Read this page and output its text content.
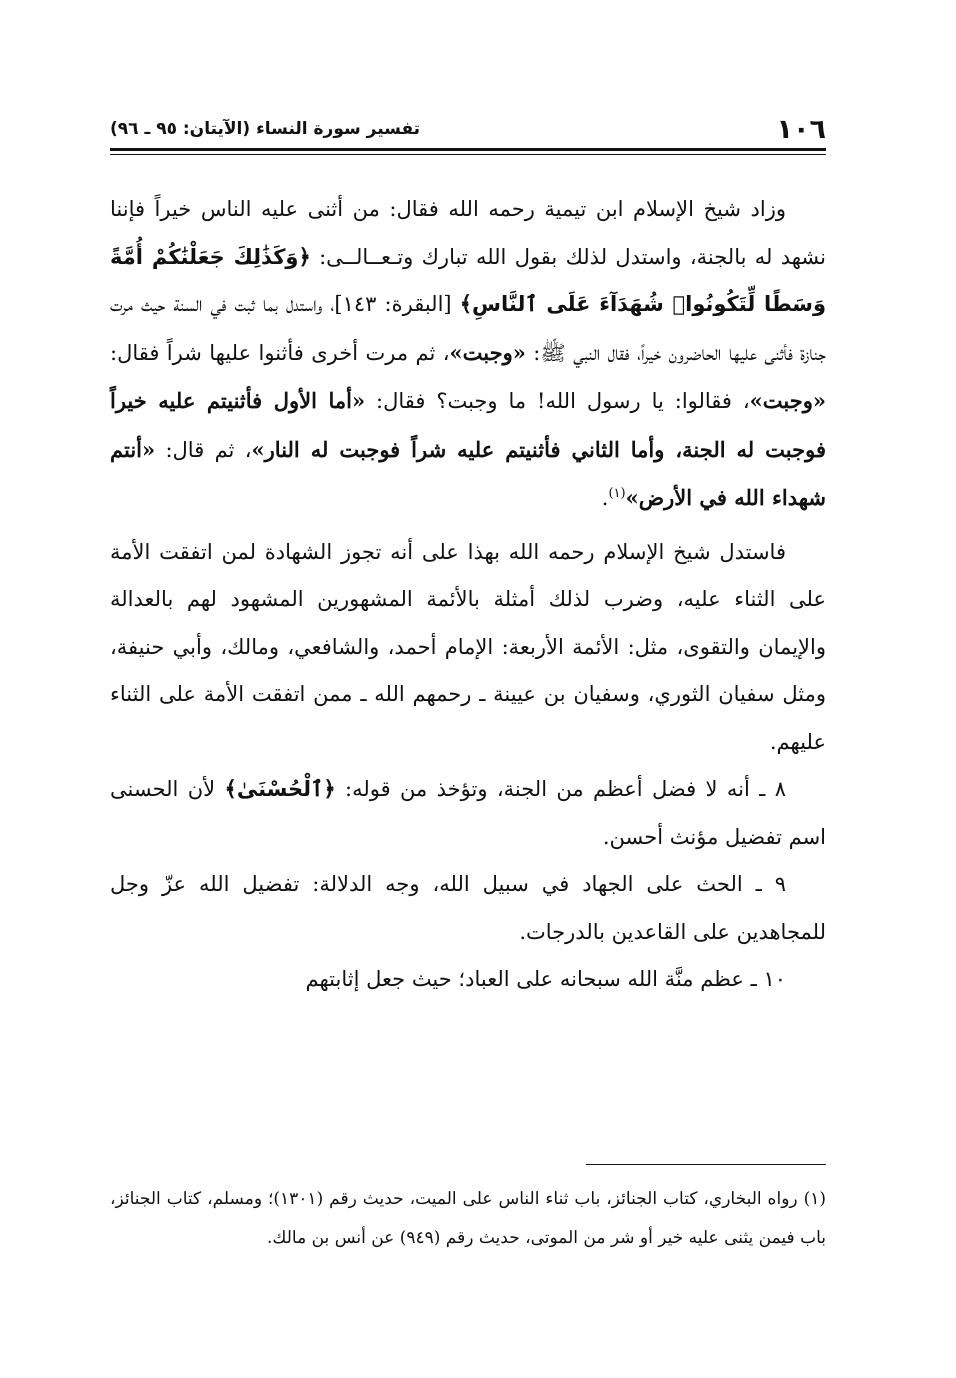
١٠٦
تفسير سورة النساء (الآيتان: ٩٥ ـ ٩٦)

وزاد شيخ الإسلام ابن تيمية رحمه الله فقال: من أثنى عليه الناس خيراً فإننا نشهد له بالجنة، واستدل لذلك بقول الله تبارك وتـعــالــى: ﴿وَكَذَٰلِكَ جَعَلْنَٰكُمْ أُمَّةً وَسَطًا لِّتَكُونُوا۟ شُهَدَآءَ عَلَى ٱلنَّاسِ﴾ [البقرة: ١٤٣]، واستدل بما ثبت في السنة حيث مرت جنازة فأثنى عليها الحاضرون خيراً، فقال النبي ﷺ: «وجبت»، ثم مرت أخرى فأثنوا عليها شراً فقال: «وجبت»، فقالوا: يا رسول الله! ما وجبت؟ فقال: «أما الأول فأثنيتم عليه خيراً فوجبت له الجنة، وأما الثاني فأثنيتم عليه شراً فوجبت له النار»، ثم قال: «أنتم شهداء الله في الأرض»$^{(١)}$.

فاستدل شيخ الإسلام رحمه الله بهذا على أنه تجوز الشهادة لمن اتفقت الأمة على الثناء عليه، وضرب لذلك أمثلة بالأئمة المشهورين المشهود لهم بالعدالة والإيمان والتقوى، مثل: الأئمة الأربعة: الإمام أحمد، والشافعي، ومالك، وأبي حنيفة، ومثل سفيان الثوري، وسفيان بن عيينة ـ رحمهم الله ـ ممن اتفقت الأمة على الثناء عليهم.

٨ ـ أنه لا فضل أعظم من الجنة، وتؤخذ من قوله: ﴿ٱلْحُسْنَىٰ﴾ لأن الحسنى اسم تفضيل مؤنث أحسن.

٩ ـ الحث على الجهاد في سبيل الله، وجه الدلالة: تفضيل الله عزّ وجل للمجاهدين على القاعدين بالدرجات.

١٠ ـ عظم منَّة الله سبحانه على العباد؛ حيث جعل إثابتهم

(١) رواه البخاري، كتاب الجنائز، باب ثناء الناس على الميت، حديث رقم (١٣٠١)؛ ومسلم، كتاب الجنائز، باب فيمن يثنى عليه خير أو شر من الموتى، حديث رقم (٩٤٩) عن أنس بن مالك.
